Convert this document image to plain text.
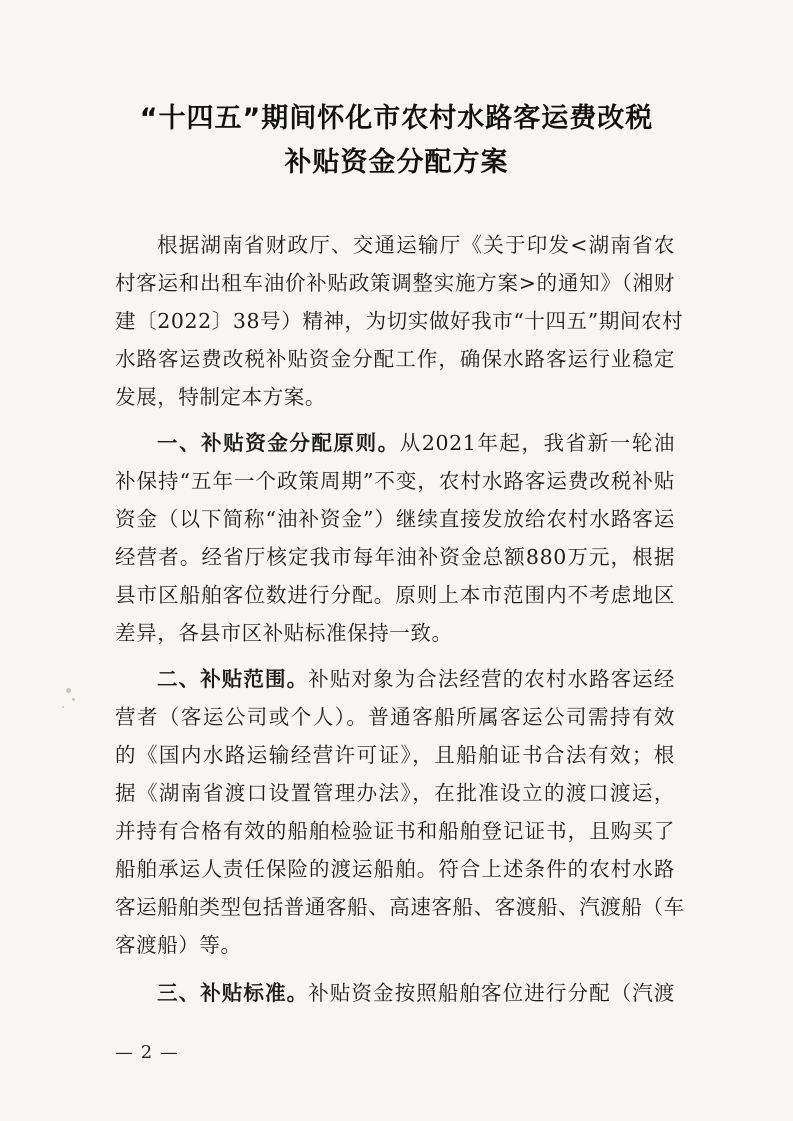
“十四五”期间怀化市农村水路客运费改税
补贴资金分配方案
根据湖南省财政厅、交通运输厅《关于印发<湖南省农
村客运和出租车油价补贴政策调整实施方案>的通知》（湘财
建〔2022〕38号）精神，为切实做好我市“十四五”期间农村
水路客运费改税补贴资金分配工作，确保水路客运行业稳定
发展，特制定本方案。
一、补贴资金分配原则。从2021年起，我省新一轮油
补保持“五年一个政策周期”不变，农村水路客运费改税补贴
资金（以下简称“油补资金”）继续直接发放给农村水路客运
经营者。经省厅核定我市每年油补资金总额880万元，根据
县市区船舶客位数进行分配。原则上本市范围内不考虑地区
差异，各县市区补贴标准保持一致。
二、补贴范围。补贴对象为合法经营的农村水路客运经
营者（客运公司或个人）。普通客船所属客运公司需持有效
的《国内水路运输经营许可证》，且船舶证书合法有效；根
据《湖南省渡口设置管理办法》，在批准设立的渡口渡运，
并持有合格有效的船舶检验证书和船舶登记证书，且购买了
船舶承运人责任保险的渡运船舶。符合上述条件的农村水路
客运船舶类型包括普通客船、高速客船、客渡船、汽渡船（车
客渡船）等。
三、补贴标准。补贴资金按照船舶客位进行分配（汽渡
— 2 —
